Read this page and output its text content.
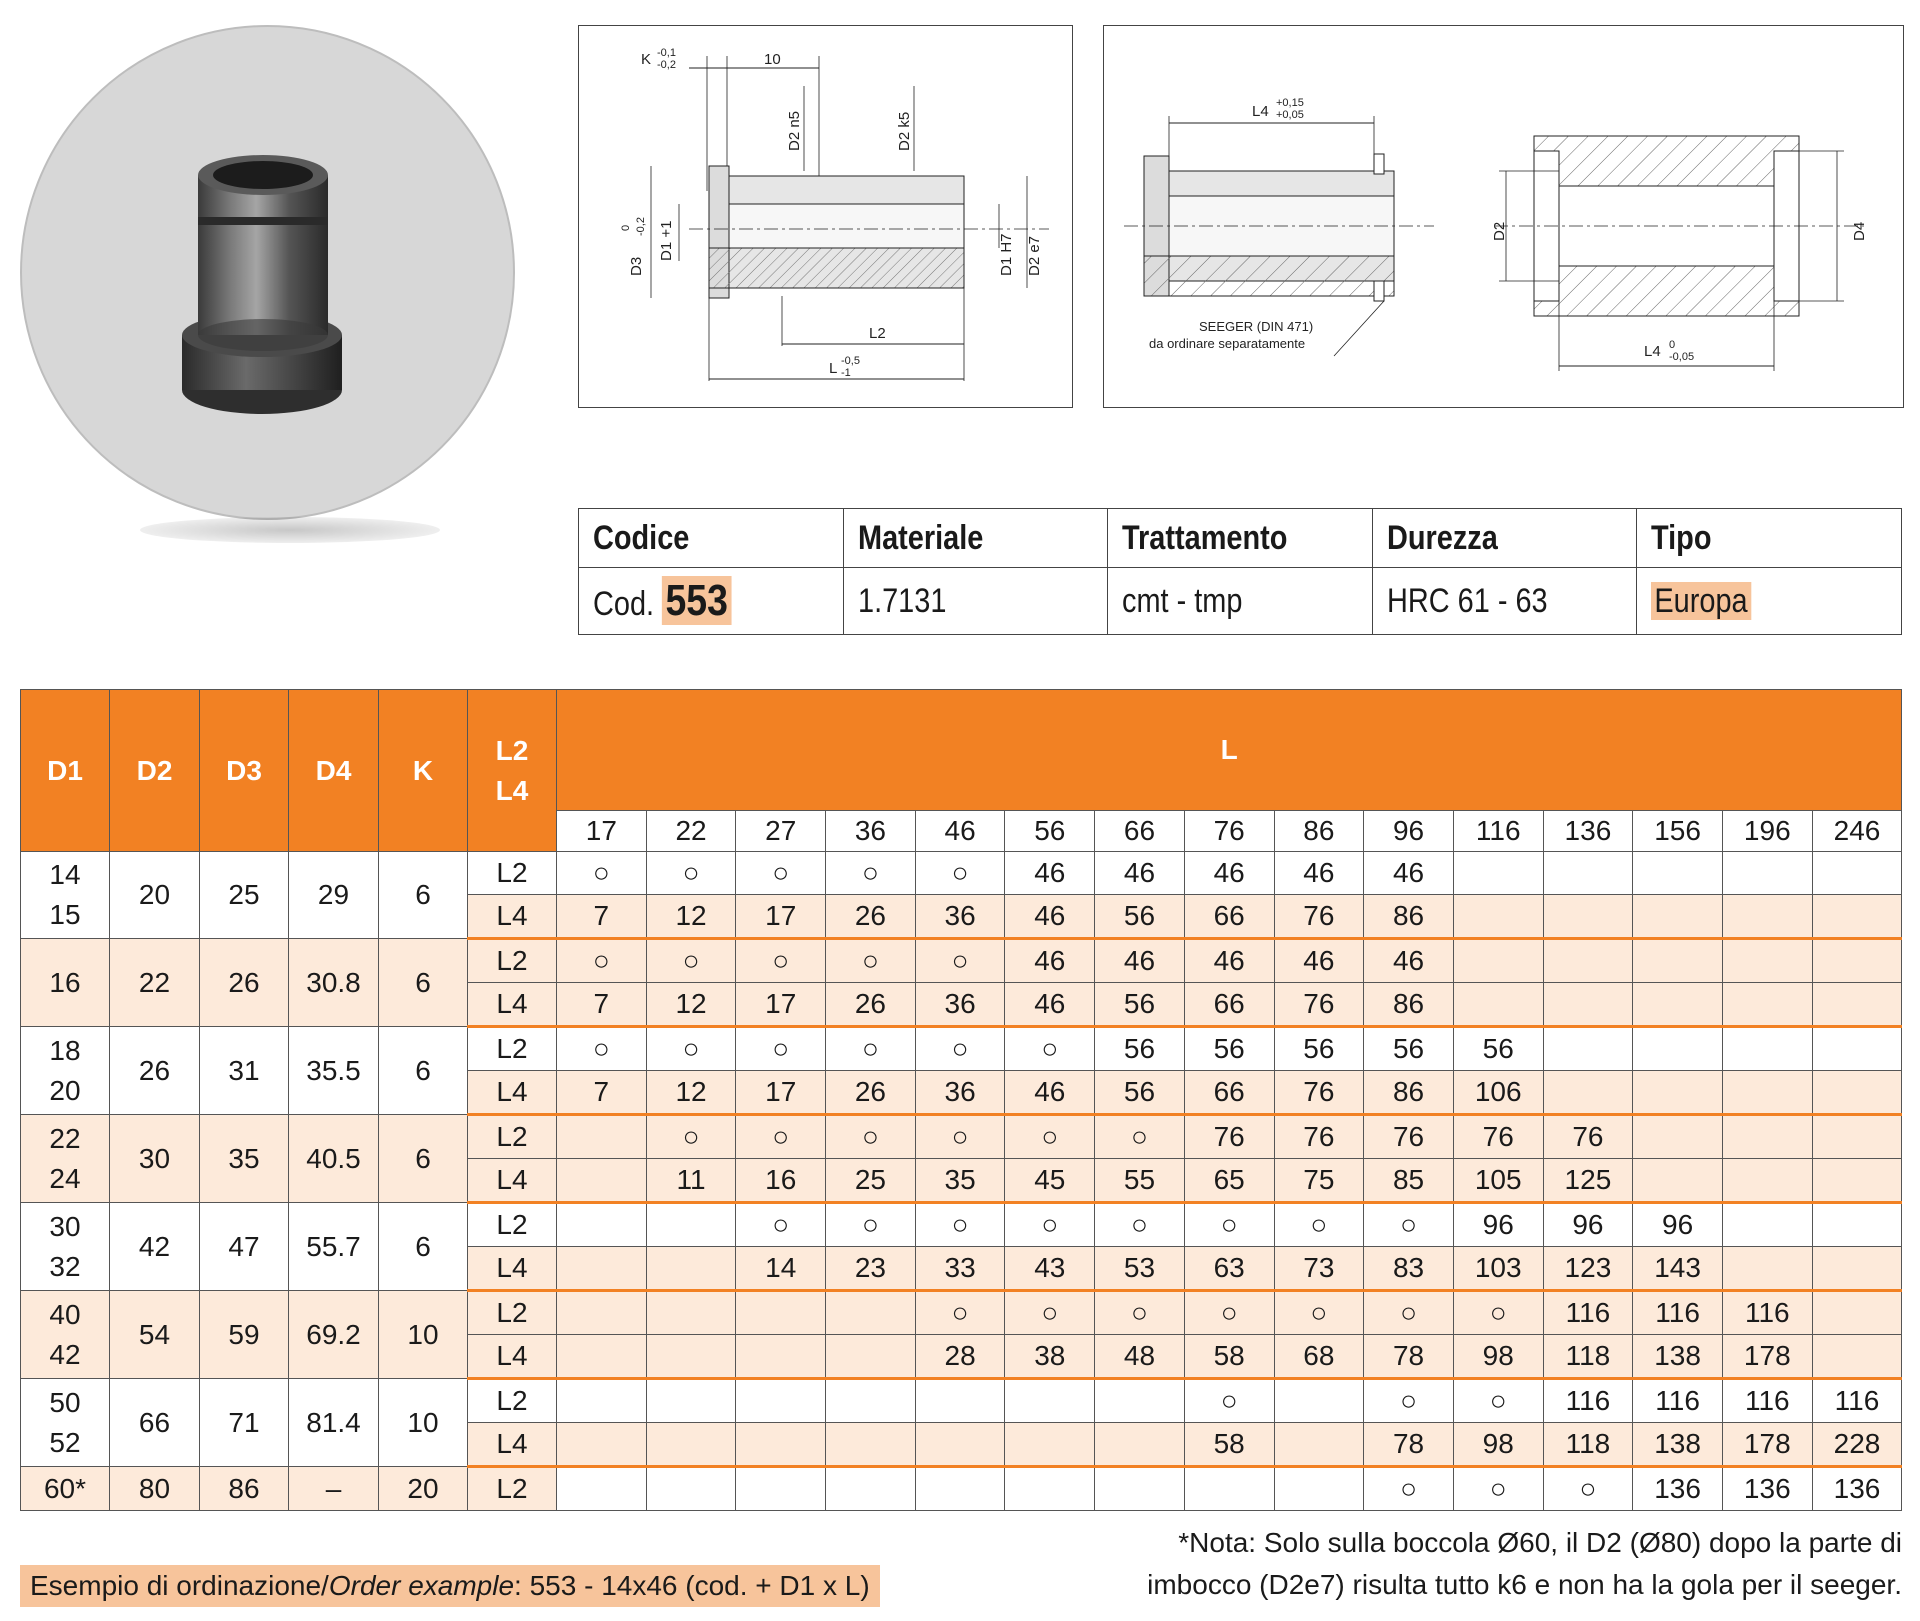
K -0,1
-0,2	10
D2 n5	D2 k5
D3
0 -0,2 D1 +1	D1 H7 D2 e7
L2
L -0,5
-1
L4 +0,15
+0,05
SEEGER (DIN 471)
da ordinare separatamente
D2	D4
L4 0
-0,05
Codice	Materiale	Trattamento	Durezza	Tipo
Cod. 553	1.7131	cmt - tmp	HRC 61 - 63	Europa
D1	D2	D3	D4	K	L2
L4	L														
						17	22	27	36	46	56	66	76	86	96	116	136	156	196	246

14
15	20	25	29	6	L2	○	○	○	○	○	46	46	46	46	46					
					L4	7	12	17	26	36	46	56	66	76	86					

16	22	26	30.8	6	L2	○	○	○	○	○	46	46	46	46	46					
					L4	7	12	17	26	36	46	56	66	76	86					

18
20	26	31	35.5	6	L2	○	○	○	○	○	○	56	56	56	56	56				
					L4	7	12	17	26	36	46	56	66	76	86	106				

22
24	30	35	40.5	6	L2		○	○	○	○	○	○	76	76	76	76	76			
					L4		11	16	25	35	45	55	65	75	85	105	125			

30
32	42	47	55.7	6	L2			○	○	○	○	○	○	○	○	96	96	96		
					L4			14	23	33	43	53	63	73	83	103	123	143		

40
42	54	59	69.2	10	L2					○	○	○	○	○	○	○	116	116	116	
					L4					28	38	48	58	68	78	98	118	138	178	

50
52	66	71	81.4	10	L2								○		○	○	116	116	116	116
					L4								58		78	98	118	138	178	228
60*	80	86	–	20	L2										○	○	○	136	136	136
Esempio di ordinazione/Order example: 553 - 14x46 (cod. + D1 x L)
*Nota: Solo sulla boccola Ø60, il D2 (Ø80) dopo la parte di
imbocco (D2e7) risulta tutto k6 e non ha la gola per il seeger.
